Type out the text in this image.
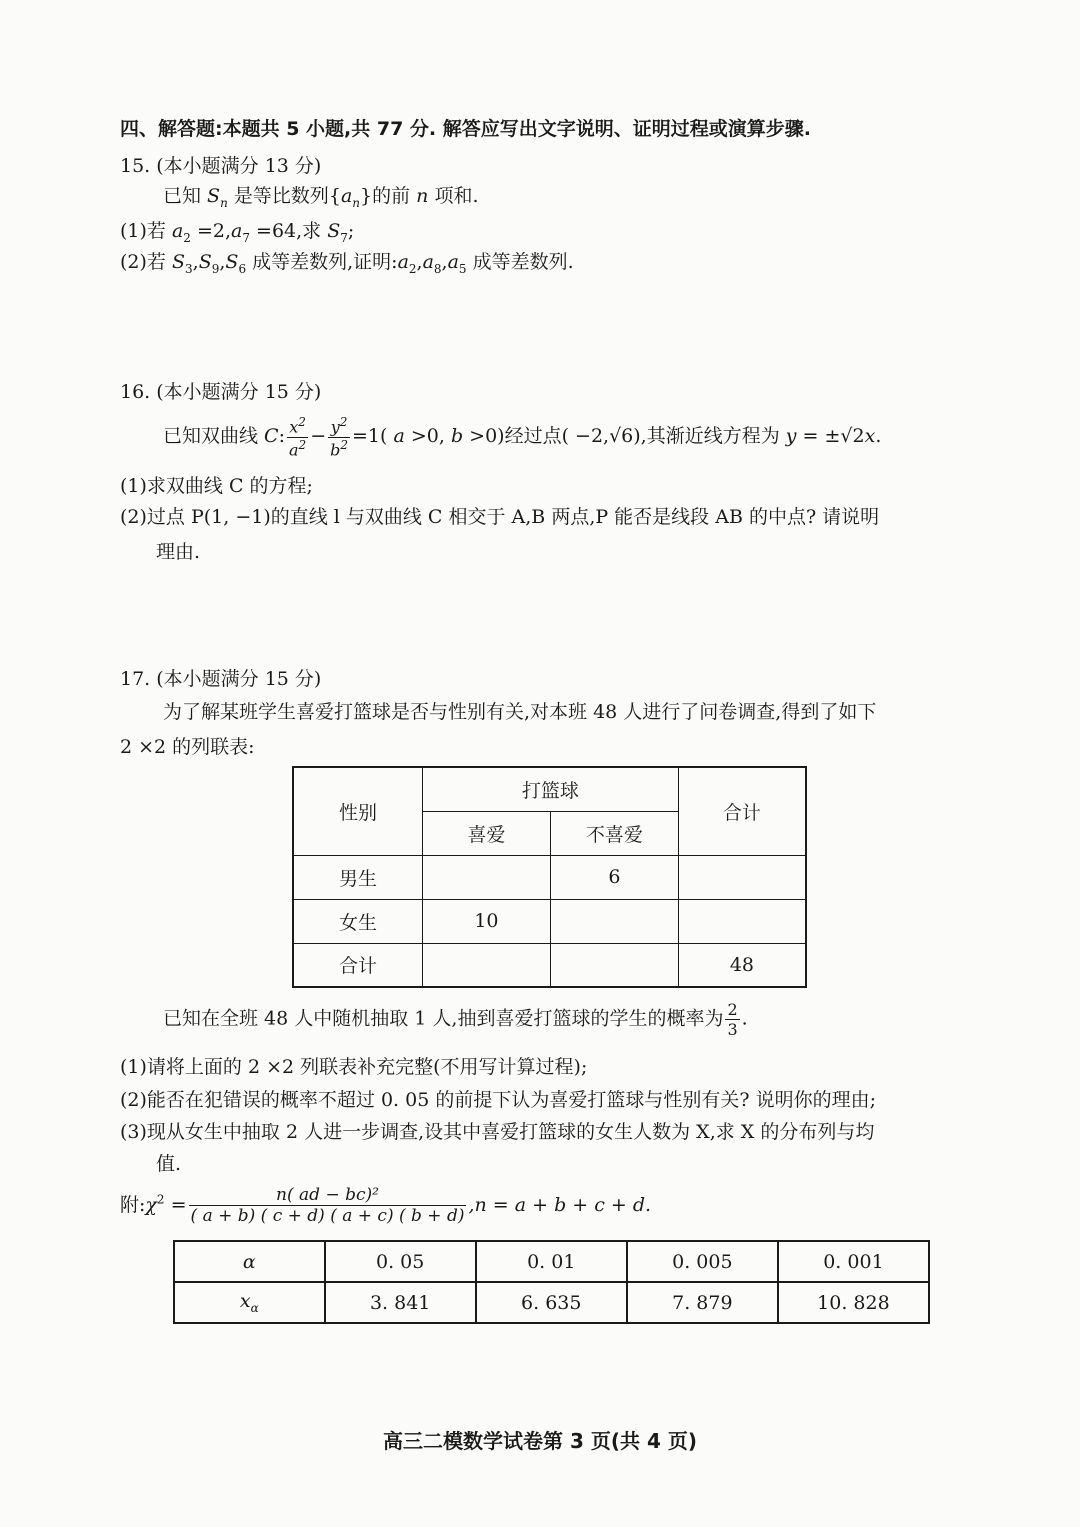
四、解答题:本题共 5 小题,共 77 分. 解答应写出文字说明、证明过程或演算步骤.
15. (本小题满分 13 分)
已知 $S_n$ 是等比数列$\{a_n\}$的前 n 项和.
(1)若 $a_2 =2,a_7 =64$,求 $S_7$;
(2)若 $S_3,S_9,S_6$ 成等差数列,证明$:a_2,a_8,a_5$ 成等差数列.
16. (本小题满分 15 分)
已知双曲线 C: $\frac{x^2}{a^2} - \frac{y^2}{b^2} =1$( a >0, b >0)经过点( −2,√6),其渐近线方程为 y = ±√2x.
(1)求双曲线 C 的方程;
(2)过点 P(1, −1)的直线 l 与双曲线 C 相交于 A,B 两点,P 能否是线段 AB 的中点? 请说明
理由.
17. (本小题满分 15 分)
为了解某班学生喜爱打篮球是否与性别有关,对本班 48 人进行了问卷调查,得到了如下
2 ×2 的列联表:
性别	打篮球		合计
	喜爱	不喜爱	
男生		6	
女生	10		
合计			48
已知在全班 48 人中随机抽取 1 人,抽到喜爱打篮球的学生的概率为 $\frac{2}{3}$ .
(1)请将上面的 2 ×2 列联表补充完整(不用写计算过程);
(2)能否在犯错误的概率不超过 0. 05 的前提下认为喜爱打篮球与性别有关? 说明你的理由;
(3)现从女生中抽取 2 人进一步调查,设其中喜爱打篮球的女生人数为 X,求 X 的分布列与均
值.
附$:\chi^2 = \frac{\text{n( ad − bc)²}}{( a + b) ( c + d) ( a + c) ( b + d)} ,n = a + b + c + d$.
α	0. 05	0. 01	0. 005	0. 001
$x_\alpha$	3. 841	6. 635	7. 879	10. 828
高三二模数学试卷第 3 页(共 4 页)
